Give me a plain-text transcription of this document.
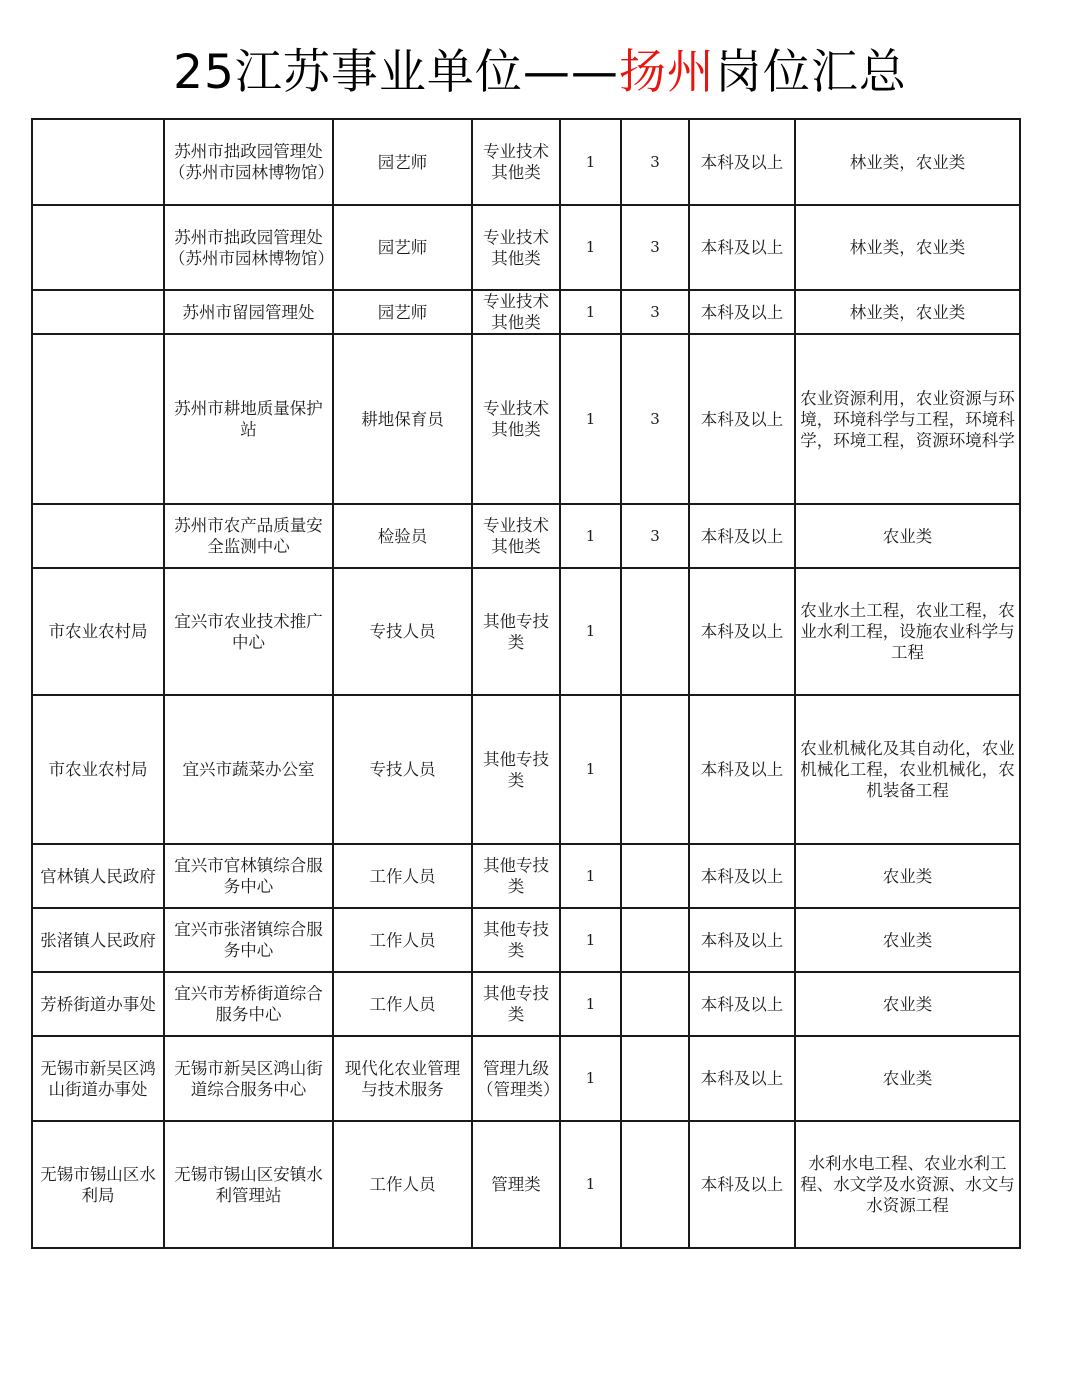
25江苏事业单位——扬州岗位汇总
	苏州市拙政园管理处（苏州市园林博物馆）	园艺师	专业技术其他类	1	3	本科及以上	林业类，农业类
	苏州市拙政园管理处（苏州市园林博物馆）	园艺师	专业技术其他类	1	3	本科及以上	林业类，农业类
	苏州市留园管理处	园艺师	专业技术其他类	1	3	本科及以上	林业类，农业类
	苏州市耕地质量保护站	耕地保育员	专业技术其他类	1	3	本科及以上	农业资源利用，农业资源与环境，环境科学与工程，环境科学，环境工程，资源环境科学
	苏州市农产品质量安全监测中心	检验员	专业技术其他类	1	3	本科及以上	农业类
市农业农村局	宜兴市农业技术推广中心	专技人员	其他专技类	1		本科及以上	农业水土工程，农业工程，农业水利工程，设施农业科学与工程
市农业农村局	宜兴市蔬菜办公室	专技人员	其他专技类	1		本科及以上	农业机械化及其自动化，农业机械化工程，农业机械化，农机装备工程
官林镇人民政府	宜兴市官林镇综合服务中心	工作人员	其他专技类	1		本科及以上	农业类
张渚镇人民政府	宜兴市张渚镇综合服务中心	工作人员	其他专技类	1		本科及以上	农业类
芳桥街道办事处	宜兴市芳桥街道综合服务中心	工作人员	其他专技类	1		本科及以上	农业类
无锡市新吴区鸿山街道办事处	无锡市新吴区鸿山街道综合服务中心	现代化农业管理与技术服务	管理九级（管理类）	1		本科及以上	农业类
无锡市锡山区水利局	无锡市锡山区安镇水利管理站	工作人员	管理类	1		本科及以上	水利水电工程、农业水利工程、水文学及水资源、水文与水资源工程
